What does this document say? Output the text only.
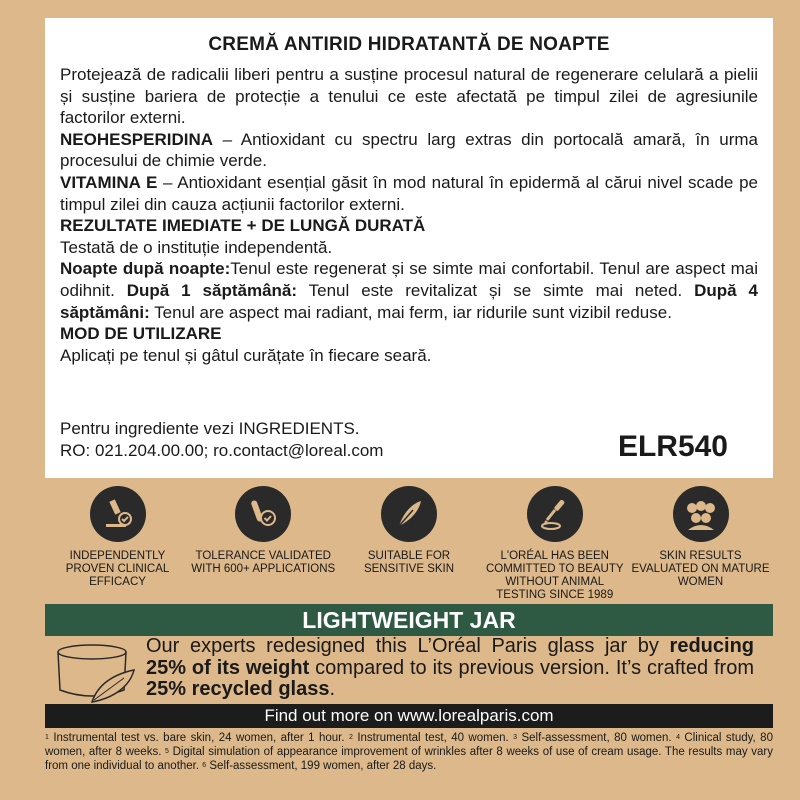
CREMĂ ANTIRID HIDRATANTĂ DE NOAPTE

Protejează de radicalii liberi pentru a susține procesul natural de regenerare celulară a pielii și susține bariera de protecție a tenului ce este afectată pe timpul zilei de agresiunile factorilor externi.

NEOHESPERIDINA – Antioxidant cu spectru larg extras din portocală amară, în urma procesului de chimie verde.

VITAMINA E – Antioxidant esențial găsit în mod natural în epidermă al cărui nivel scade pe timpul zilei din cauza acțiunii factorilor externi.

REZULTATE IMEDIATE + DE LUNGĂ DURATĂ

Testată de o instituție independentă.

Noapte după noapte:Tenul este regenerat și se simte mai confortabil. Tenul are aspect mai odihnit. După 1 săptămână: Tenul este revitalizat și se simte mai neted. După 4 săptămâni: Tenul are aspect mai radiant, mai ferm, iar ridurile sunt vizibil reduse.

MOD DE UTILIZARE

Aplicați pe tenul și gâtul curățate în fiecare seară.

Pentru ingrediente vezi INGREDIENTS.
RO: 021.204.00.00; ro.contact@loreal.com	ELR540
INDEPENDENTLY PROVEN CLINICAL EFFICACY
TOLERANCE VALIDATED WITH 600+ APPLICATIONS
SUITABLE FOR SENSITIVE SKIN
L'ORÉAL HAS BEEN COMMITTED TO BEAUTY WITHOUT ANIMAL TESTING SINCE 1989
SKIN RESULTS EVALUATED ON MATURE WOMEN
LIGHTWEIGHT JAR
Our experts redesigned this L’Oréal Paris glass jar by reducing 25% of its weight compared to its previous version. It’s crafted from 25% recycled glass.
Find out more on www.lorealparis.com
$^1$ Instrumental test vs. bare skin, 24 women, after 1 hour. $^2$ Instrumental test, 40 women. $^3$ Self-assessment, 80 women. $^4$ Clinical study, 80 women, after 8 weeks. $^5$ Digital simulation of appearance improvement of wrinkles after 8 weeks of use of cream usage. The results may vary from one individual to another. $^6$ Self-assessment, 199 women, after 28 days.
